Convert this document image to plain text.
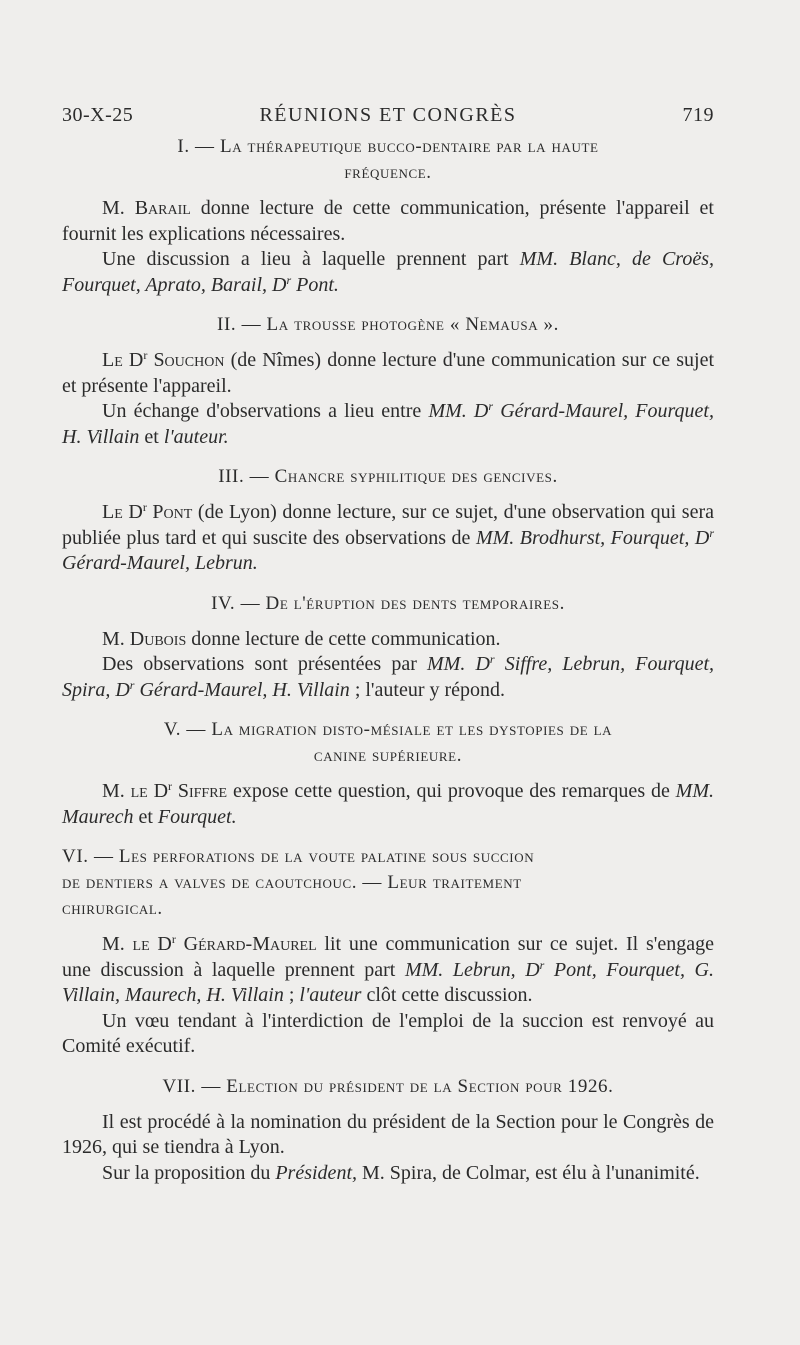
30-X-25	RÉUNIONS ET CONGRÈS	719

I. — La thérapeutique bucco-dentaire par la haute
fréquence.

M. Barail donne lecture de cette communication, présente l'appareil et fournit les explications nécessaires.

Une discussion a lieu à laquelle prennent part MM. Blanc, de Croës, Fourquet, Aprato, Barail, $D^r$ Pont.

II. — La trousse photogène « Nemausa ».

Le $D^r$ Souchon (de Nîmes) donne lecture d'une communication sur ce sujet et présente l'appareil.

Un échange d'observations a lieu entre MM. $D^r$ Gérard-Maurel, Fourquet, H. Villain et l'auteur.

III. — Chancre syphilitique des gencives.

Le $D^r$ Pont (de Lyon) donne lecture, sur ce sujet, d'une observation qui sera publiée plus tard et qui suscite des observations de MM. Brodhurst, Fourquet, $D^r$ Gérard-Maurel, Lebrun.

IV. — De l'éruption des dents temporaires.

M. Dubois donne lecture de cette communication.

Des observations sont présentées par MM. $D^r$ Siffre, Lebrun, Fourquet, Spira, $D^r$ Gérard-Maurel, H. Villain ; l'auteur y répond.

V. — La migration disto-mésiale et les dystopies de la
canine supérieure.

M. le $D^r$ Siffre expose cette question, qui provoque des remarques de MM. Maurech et Fourquet.

VI. — Les perforations de la voute palatine sous succion
de dentiers a valves de caoutchouc. — Leur traitement
chirurgical.

M. le $D^r$ Gérard-Maurel lit une communication sur ce sujet. Il s'engage une discussion à laquelle prennent part MM. Lebrun, $D^r$ Pont, Fourquet, G. Villain, Maurech, H. Villain ; l'auteur clôt cette discussion.

Un vœu tendant à l'interdiction de l'emploi de la succion est renvoyé au Comité exécutif.

VII. — Election du président de la Section pour 1926.

Il est procédé à la nomination du président de la Section pour le Congrès de 1926, qui se tiendra à Lyon.

Sur la proposition du Président, M. Spira, de Colmar, est élu à l'unanimité.
